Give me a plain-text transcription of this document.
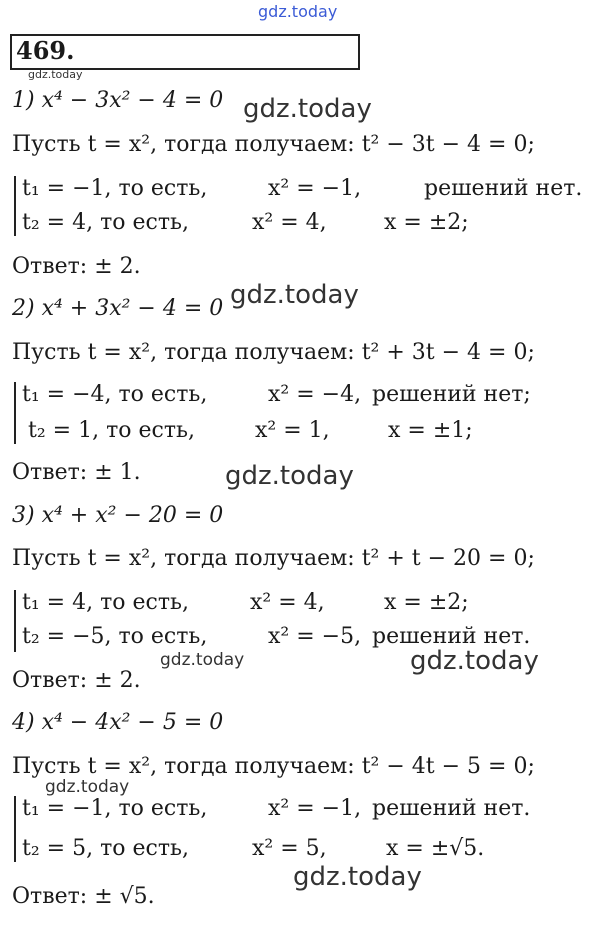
gdz.today
gdz.today
gdz.today
gdz.today
gdz.today
gdz.today	gdz.today
gdz.today
gdz.today
469.
1) x⁴ − 3x² − 4 = 0
Пусть t = x², тогда получаем: t² − 3t − 4 = 0;
t₁ = −1, то есть,	x² = −1,	решений нет.
t₂ = 4, то есть,	x² = 4,	x = ±2;
Ответ: ± 2.
2) x⁴ + 3x² − 4 = 0
Пусть t = x², тогда получаем: t² + 3t − 4 = 0;
t₁ = −4, то есть,	x² = −4, решений нет;
t₂ = 1, то есть,	x² = 1,	x = ±1;
Ответ: ± 1.
3) x⁴ + x² − 20 = 0
Пусть t = x², тогда получаем: t² + t − 20 = 0;
t₁ = 4, то есть,	x² = 4,	x = ±2;
t₂ = −5, то есть,	x² = −5, решений нет.
Ответ: ± 2.
4) x⁴ − 4x² − 5 = 0
Пусть t = x², тогда получаем: t² − 4t − 5 = 0;
t₁ = −1, то есть,	x² = −1, решений нет.
t₂ = 5, то есть,	x² = 5,	x = ±√5.
Ответ: ± √5.
